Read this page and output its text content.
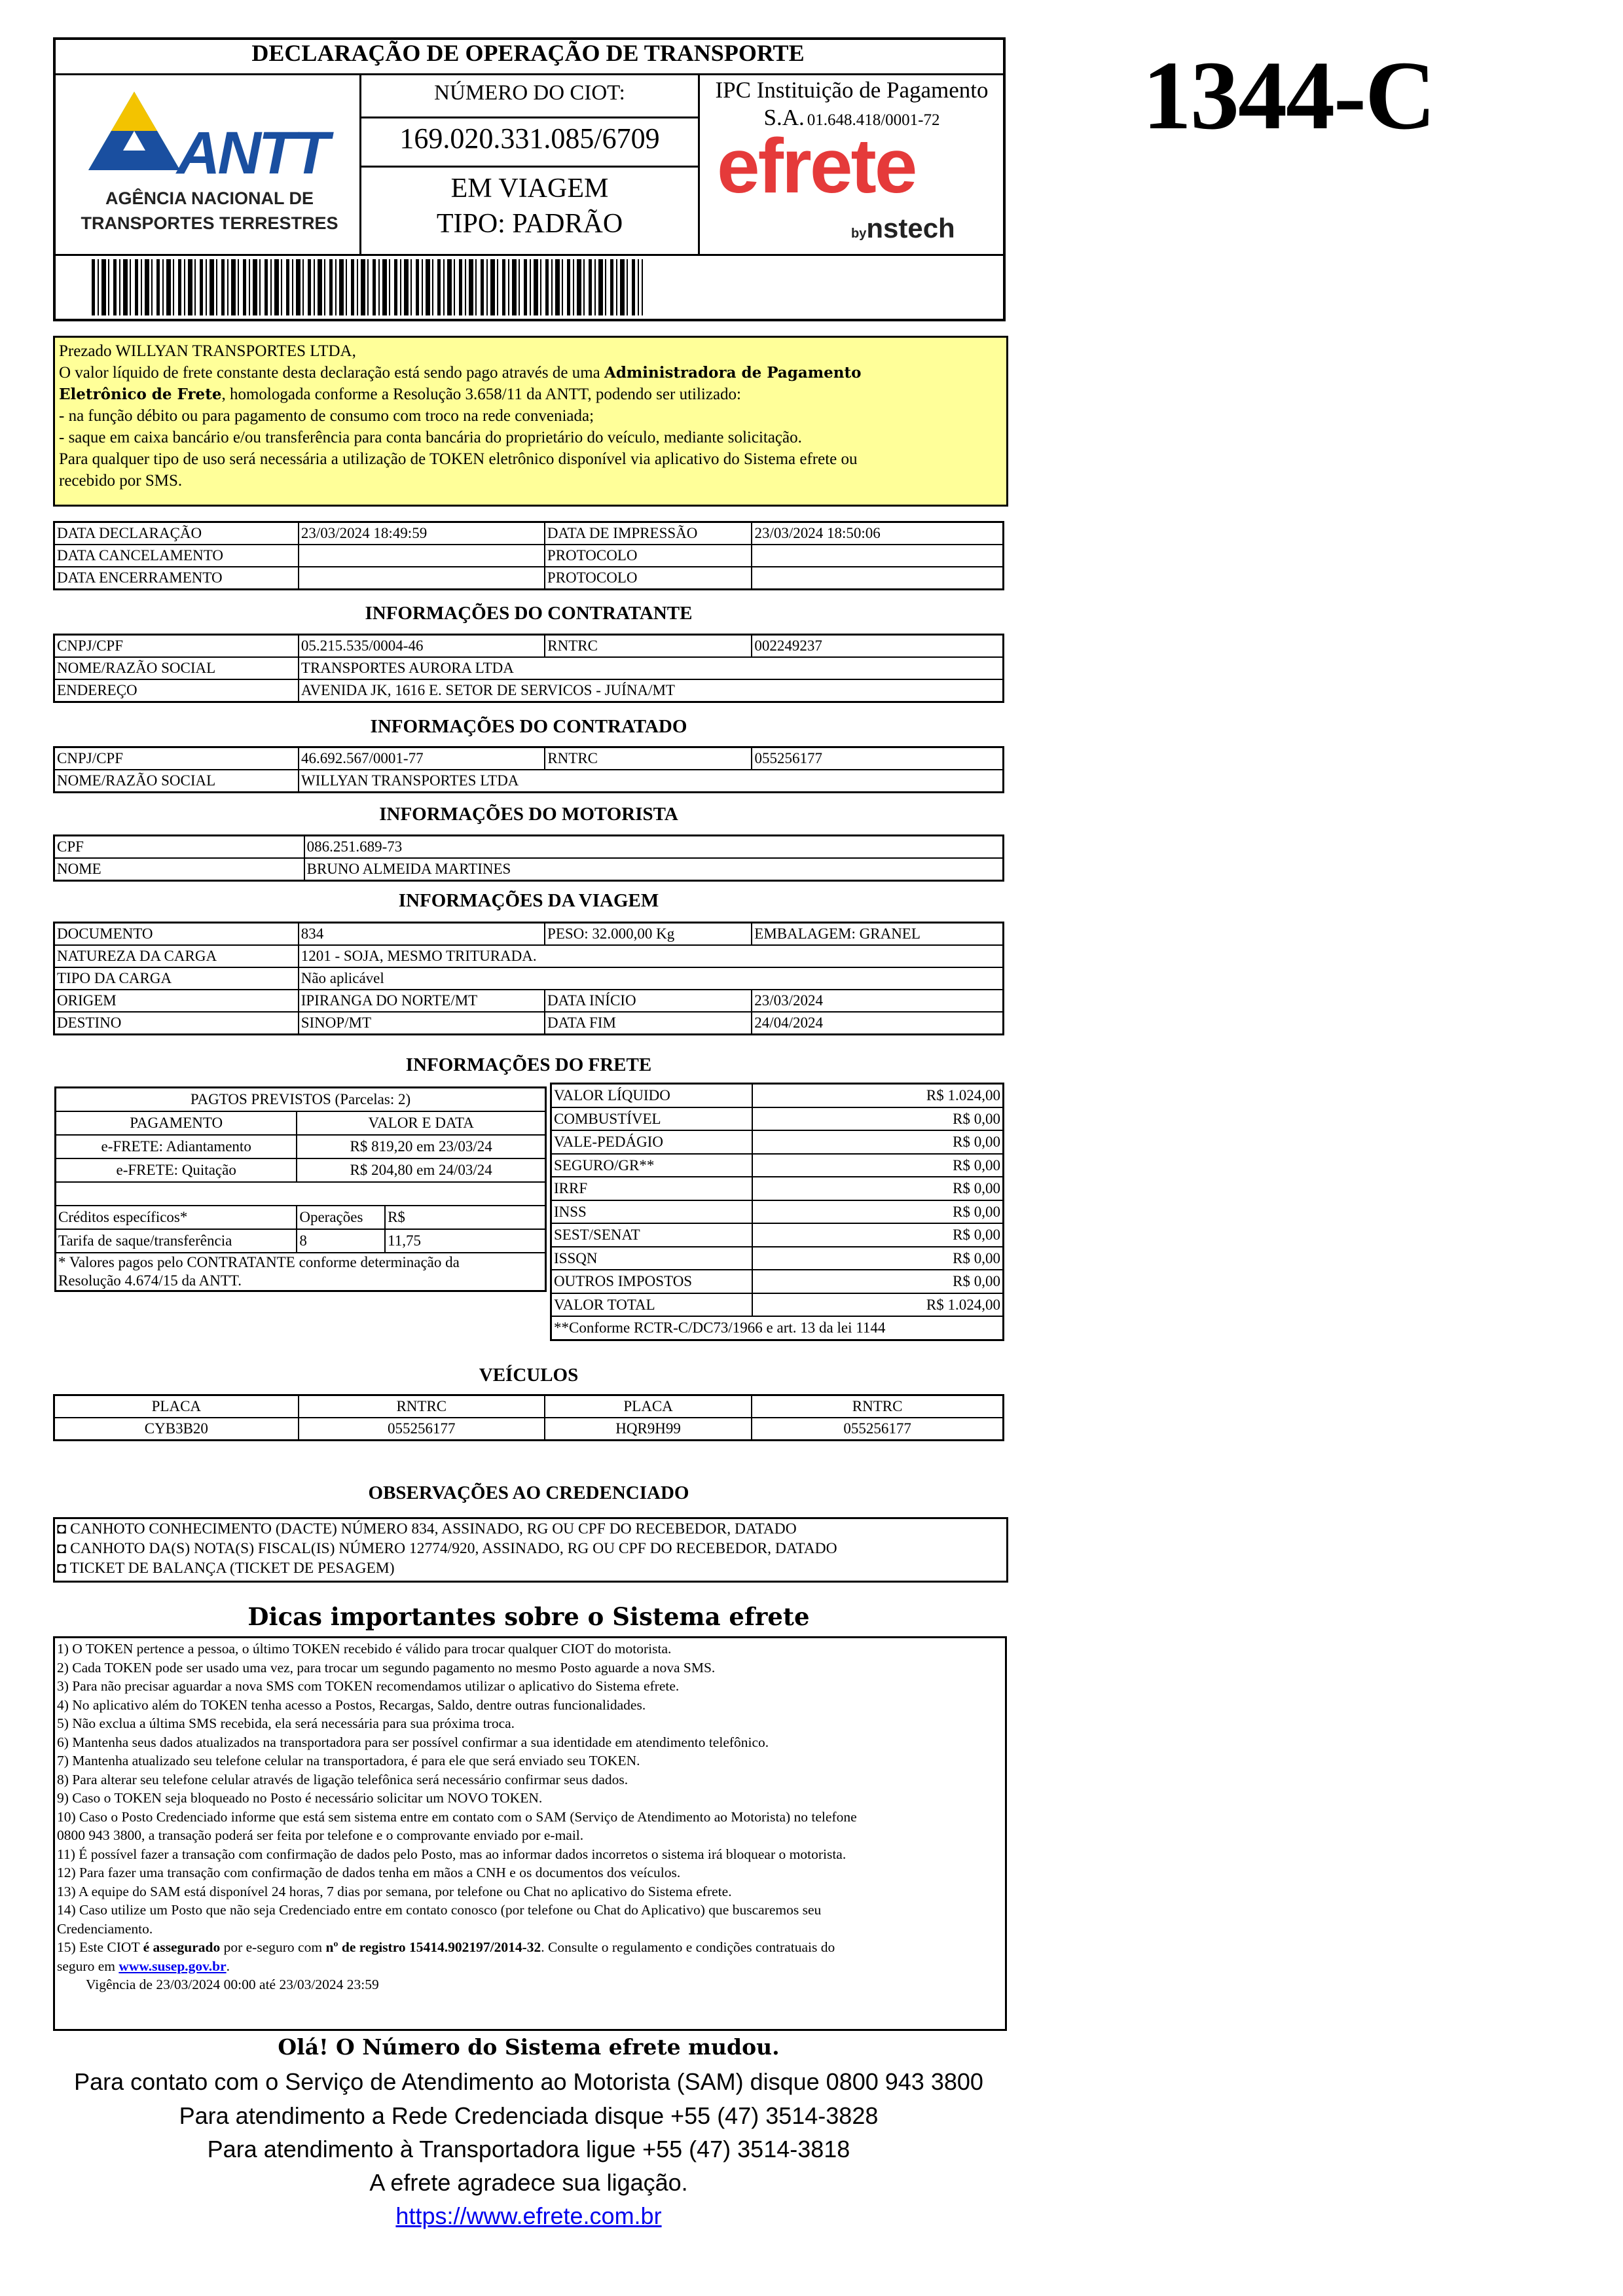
DECLARAÇÃO DE OPERAÇÃO DE TRANSPORTE	1344-C
ANTT
AGÊNCIA NACIONAL DE
TRANSPORTES TERRESTRES
NÚMERO DO CIOT:
169.020.331.085/6709
EM VIAGEM
TIPO: PADRÃO
IPC Instituição de Pagamento
S.A. 01.648.418/0001-72
efrete
bynstech
Prezado WILLYAN TRANSPORTES LTDA,
O valor líquido de frete constante desta declaração está sendo pago através de uma Administradora de Pagamento
Eletrônico de Frete, homologada conforme a Resolução 3.658/11 da ANTT, podendo ser utilizado:
- na função débito ou para pagamento de consumo com troco na rede conveniada;
- saque em caixa bancário e/ou transferência para conta bancária do proprietário do veículo, mediante solicitação.
Para qualquer tipo de uso será necessária a utilização de TOKEN eletrônico disponível via aplicativo do Sistema efrete ou
recebido por SMS.
DATA DECLARAÇÃO	23/03/2024 18:49:59	DATA DE IMPRESSÃO	23/03/2024 18:50:06
DATA CANCELAMENTO		PROTOCOLO	
DATA ENCERRAMENTO		PROTOCOLO	
INFORMAÇÕES DO CONTRATANTE
CNPJ/CPF	05.215.535/0004-46	RNTRC	002249237
NOME/RAZÃO SOCIAL	TRANSPORTES AURORA LTDA		
ENDEREÇO	AVENIDA JK, 1616 E. SETOR DE SERVICOS - JUÍNA/MT		
INFORMAÇÕES DO CONTRATADO
CNPJ/CPF	46.692.567/0001-77	RNTRC	055256177
NOME/RAZÃO SOCIAL	WILLYAN TRANSPORTES LTDA		
INFORMAÇÕES DO MOTORISTA
CPF	086.251.689-73
NOME	BRUNO ALMEIDA MARTINES
INFORMAÇÕES DA VIAGEM
DOCUMENTO	834	PESO: 32.000,00 Kg	EMBALAGEM: GRANEL
NATUREZA DA CARGA	1201 - SOJA, MESMO TRITURADA.		
TIPO DA CARGA	Não aplicável		
ORIGEM	IPIRANGA DO NORTE/MT	DATA INÍCIO	23/03/2024
DESTINO	SINOP/MT	DATA FIM	24/04/2024
INFORMAÇÕES DO FRETE
PAGTOS PREVISTOS (Parcelas: 2)		
PAGAMENTO	VALOR E DATA	
e-FRETE: Adiantamento	R$ 819,20 em 23/03/24	
e-FRETE: Quitação	R$ 204,80 em 24/03/24	

Créditos específicos*	Operações	R$
Tarifa de saque/transferência	8	11,75

* Valores pagos pelo CONTRATANTE conforme determinação da
Resolução 4.674/15 da ANTT.		
VALOR LÍQUIDO	R$ 1.024,00
COMBUSTÍVEL	R$ 0,00
VALE-PEDÁGIO	R$ 0,00
SEGURO/GR**	R$ 0,00
IRRF	R$ 0,00
INSS	R$ 0,00
SEST/SENAT	R$ 0,00
ISSQN	R$ 0,00
OUTROS IMPOSTOS	R$ 0,00
VALOR TOTAL	R$ 1.024,00
**Conforme RCTR-C/DC73/1966 e art. 13 da lei 1144	
VEÍCULOS
PLACA	RNTRC	PLACA	RNTRC
CYB3B20	055256177	HQR9H99	055256177
OBSERVAÇÕES AO CREDENCIADO
◘ CANHOTO CONHECIMENTO (DACTE) NÚMERO 834, ASSINADO, RG OU CPF DO RECEBEDOR, DATADO
◘ CANHOTO DA(S) NOTA(S) FISCAL(IS) NÚMERO 12774/920, ASSINADO, RG OU CPF DO RECEBEDOR, DATADO
◘ TICKET DE BALANÇA (TICKET DE PESAGEM)
Dicas importantes sobre o Sistema efrete
1) O TOKEN pertence a pessoa, o último TOKEN recebido é válido para trocar qualquer CIOT do motorista.
2) Cada TOKEN pode ser usado uma vez, para trocar um segundo pagamento no mesmo Posto aguarde a nova SMS.
3) Para não precisar aguardar a nova SMS com TOKEN recomendamos utilizar o aplicativo do Sistema efrete.
4) No aplicativo além do TOKEN tenha acesso a Postos, Recargas, Saldo, dentre outras funcionalidades.
5) Não exclua a última SMS recebida, ela será necessária para sua próxima troca.
6) Mantenha seus dados atualizados na transportadora para ser possível confirmar a sua identidade em atendimento telefônico.
7) Mantenha atualizado seu telefone celular na transportadora, é para ele que será enviado seu TOKEN.
8) Para alterar seu telefone celular através de ligação telefônica será necessário confirmar seus dados.
9) Caso o TOKEN seja bloqueado no Posto é necessário solicitar um NOVO TOKEN.
10) Caso o Posto Credenciado informe que está sem sistema entre em contato com o SAM (Serviço de Atendimento ao Motorista) no telefone
0800 943 3800, a transação poderá ser feita por telefone e o comprovante enviado por e-mail.
11) É possível fazer a transação com confirmação de dados pelo Posto, mas ao informar dados incorretos o sistema irá bloquear o motorista.
12) Para fazer uma transação com confirmação de dados tenha em mãos a CNH e os documentos dos veículos.
13) A equipe do SAM está disponível 24 horas, 7 dias por semana, por telefone ou Chat no aplicativo do Sistema efrete.
14) Caso utilize um Posto que não seja Credenciado entre em contato conosco (por telefone ou Chat do Aplicativo) que buscaremos seu
Credenciamento.
15) Este CIOT é assegurado por e-seguro com nº de registro 15414.902197/2014-32. Consulte o regulamento e condições contratuais do
seguro em www.susep.gov.br.
Vigência de 23/03/2024 00:00 até 23/03/2024 23:59
Olá! O Número do Sistema efrete mudou.
Para contato com o Serviço de Atendimento ao Motorista (SAM) disque 0800 943 3800
Para atendimento a Rede Credenciada disque +55 (47) 3514-3828
Para atendimento à Transportadora ligue +55 (47) 3514-3818
A efrete agradece sua ligação.
https://www.efrete.com.br
